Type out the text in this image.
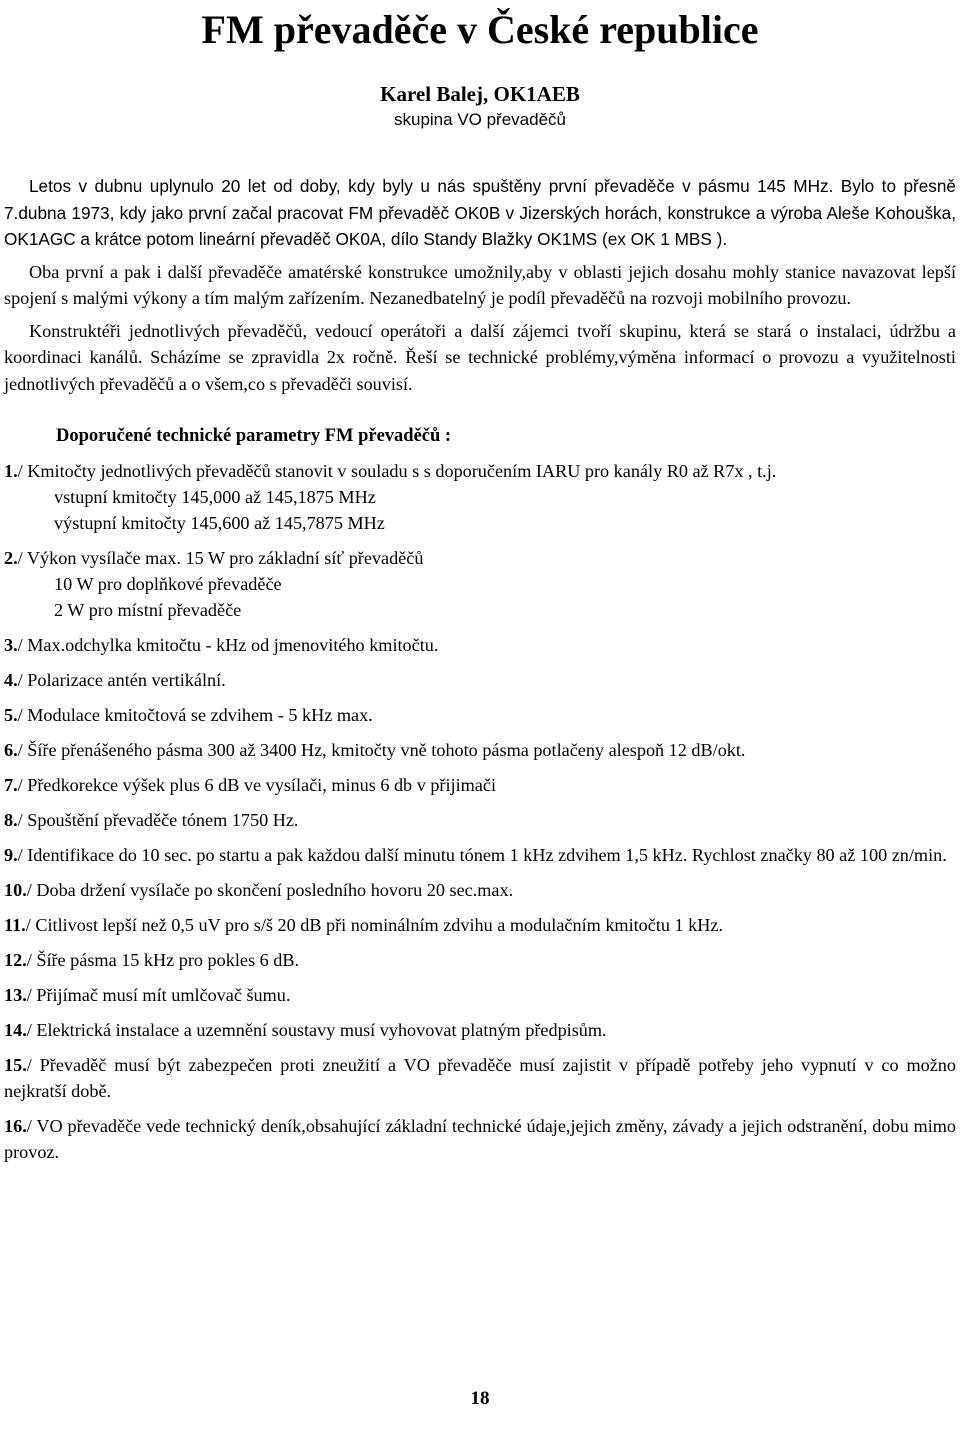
FM převaděče v České republice
Karel Balej, OK1AEB
skupina VO převaděčů

Letos v dubnu uplynulo 20 let od doby, kdy byly u nás spuštěny první převaděče v pásmu 145 MHz. Bylo to přesně 7.dubna 1973, kdy jako první začal pracovat FM převaděč OK0B v Jizerských horách, konstrukce a výroba Aleše Kohouška, OK1AGC a krátce potom lineární převaděč OK0A, dílo Standy Blažky OK1MS (ex OK 1 MBS ).

Oba první a pak i další převaděče amatérské konstrukce umožnily,aby v oblasti jejich dosahu mohly stanice navazovat lepší spojení s malými výkony a tím malým zařízením. Nezanedbatelný je podíl převaděčů na rozvoji mobilního provozu.

Konstruktéři jednotlivých převaděčů, vedoucí operátoři a další zájemci tvoří skupinu, která se stará o instalaci, údržbu a koordinaci kanálů. Scházíme se zpravidla 2x ročně. Řeší se technické problémy,výměna informací o provozu a využitelnosti jednotlivých převaděčů a o všem,co s převaděči souvisí.

Doporučené technické parametry FM převaděčů :

1./ Kmitočty jednotlivých převaděčů stanovit v souladu s s doporučením IARU pro kanály R0 až R7x , t.j.
vstupní kmitočty 145,000 až 145,1875 MHz
výstupní kmitočty 145,600 až 145,7875 MHz

2./ Výkon vysílače max. 15 W pro základní síť převaděčů
10 W pro doplňkové převaděče
2 W pro místní převaděče

3./ Max.odchylka kmitočtu - kHz od jmenovitého kmitočtu.

4./ Polarizace antén vertikální.

5./ Modulace kmitočtová se zdvihem - 5 kHz max.

6./ Šíře přenášeného pásma 300 až 3400 Hz, kmitočty vně tohoto pásma potlačeny alespoň 12 dB/okt.

7./ Předkorekce výšek plus 6 dB ve vysílači, minus 6 db v přijimači

8./ Spouštění převaděče tónem 1750 Hz.

9./ Identifikace do 10 sec. po startu a pak každou další minutu tónem 1 kHz zdvihem 1,5 kHz. Rychlost značky 80 až 100 zn/min.

10./ Doba držení vysílače po skončení posledního hovoru 20 sec.max.

11./ Citlivost lepší než 0,5 uV pro s/š 20 dB při nominálním zdvihu a modulačním kmitočtu 1 kHz.

12./ Šíře pásma 15 kHz pro pokles 6 dB.

13./ Přijímač musí mít umlčovač šumu.

14./ Elektrická instalace a uzemnění soustavy musí vyhovovat platným předpisům.

15./ Převaděč musí být zabezpečen proti zneužití a VO převaděče musí zajistit v případě potřeby jeho vypnutí v co možno nejkratší době.

16./ VO převaděče vede technický deník,obsahující základní technické údaje,jejich změny, závady a jejich odstranění, dobu mimo provoz.

18
